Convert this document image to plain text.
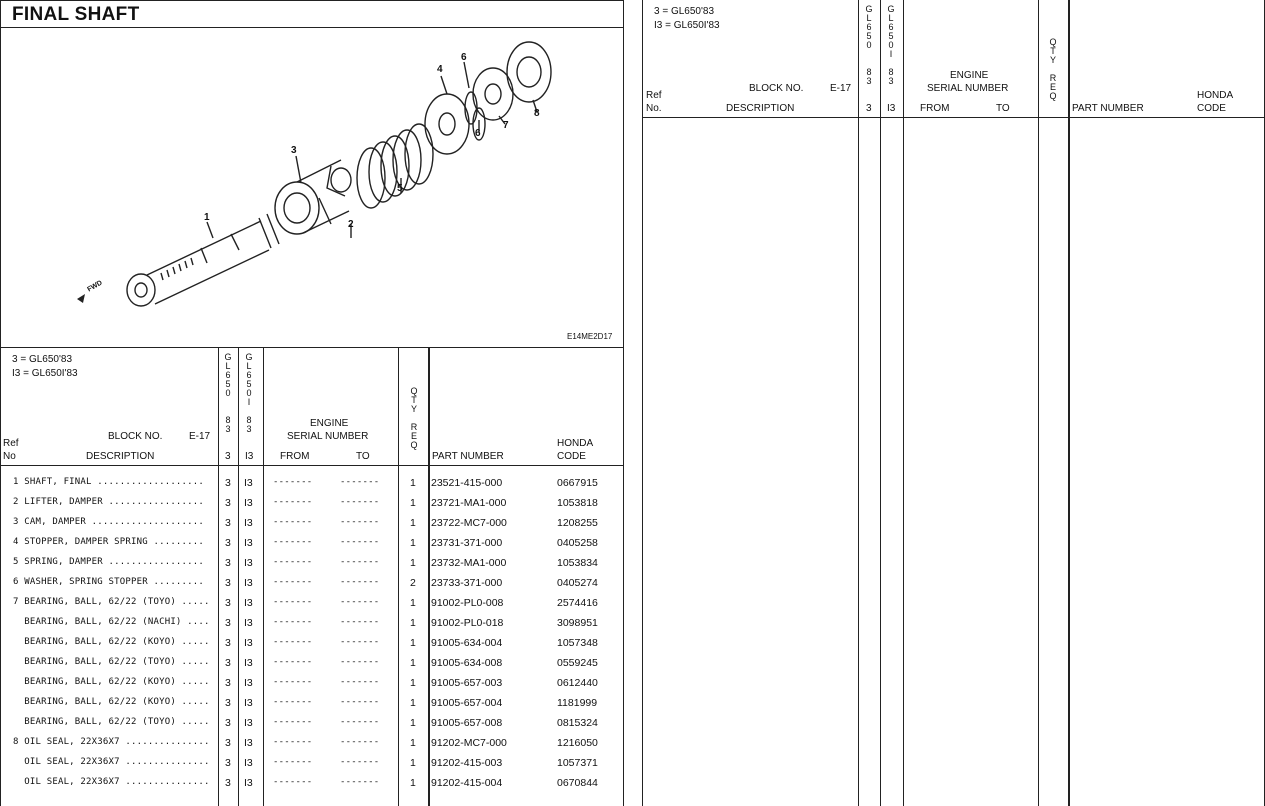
FINAL SHAFT
FWD
1
2
3
4
5
6
6
7
8
E14ME2D17
3 = GL650'83
I3 = GL650I'83
G
L
6
5
0

8
3
G
L
6
5
0
I

8
3
Ref
No
BLOCK NO.	E-17
DESCRIPTION	3 I3
ENGINE
SERIAL NUMBER
FROM	TO
Q
T
Y

R
E
Q
PART NUMBER
HONDA
CODE
1 SHAFT, FINAL ................... 3 I3 -------	-------	1 23521-415-000	0667915
2 LIFTER, DAMPER ................. 3 I3 -------	-------	1 23721-MA1-000	1053818
3 CAM, DAMPER .................... 3 I3 -------	-------	1 23722-MC7-000	1208255
4 STOPPER, DAMPER SPRING ......... 3 I3 -------	-------	1 23731-371-000	0405258
5 SPRING, DAMPER ................. 3 I3 -------	-------	1 23732-MA1-000	1053834
6 WASHER, SPRING STOPPER ......... 3 I3 -------	-------	2 23733-371-000	0405274
7 BEARING, BALL, 62/22 (TOYO) ..... 3 I3 -------	-------	1 91002-PL0-008	2574416
BEARING, BALL, 62/22 (NACHI) .... 3 I3 -------	-------	1 91002-PL0-018	3098951
BEARING, BALL, 62/22 (KOYO) ..... 3 I3 -------	-------	1 91005-634-004	1057348
BEARING, BALL, 62/22 (TOYO) ..... 3 I3 -------	-------	1 91005-634-008	0559245
BEARING, BALL, 62/22 (KOYO) ..... 3 I3 -------	-------	1 91005-657-003	0612440
BEARING, BALL, 62/22 (KOYO) ..... 3 I3 -------	-------	1 91005-657-004	1181999
BEARING, BALL, 62/22 (TOYO) ..... 3 I3 -------	-------	1 91005-657-008	0815324
8 OIL SEAL, 22X36X7 ............... 3 I3 -------	-------	1 91202-MC7-000	1216050
OIL SEAL, 22X36X7 ............... 3 I3 -------	-------	1 91202-415-003	1057371
OIL SEAL, 22X36X7 ............... 3 I3 -------	-------	1 91202-415-004	0670844
3 = GL650'83
I3 = GL650I'83
G
L
6
5
0

8
3
G
L
6
5
0
I

8
3
Ref
No.
BLOCK NO.	E-17
DESCRIPTION	3 I3
ENGINE
SERIAL NUMBER
FROM	TO
Q
T
Y

R
E
Q
PART NUMBER
HONDA
CODE
